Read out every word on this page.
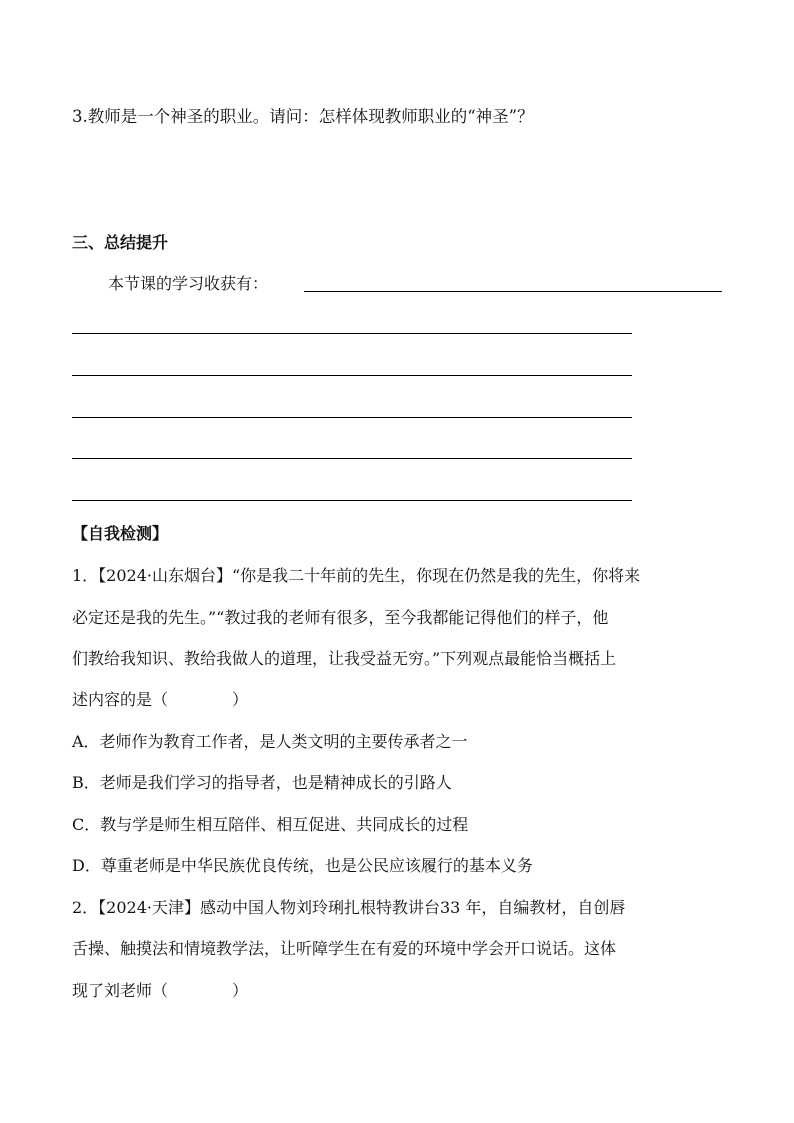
3.教师是一个神圣的职业。请问：怎样体现教师职业的“神圣”？
三、总结提升
本节课的学习收获有：
【自我检测】
1．【2024·山东烟台】“你是我二十年前的先生，你现在仍然是我的先生，你将来
必定还是我的先生。”“教过我的老师有很多，至今我都能记得他们的样子，他
们教给我知识、教给我做人的道理，让我受益无穷。”下列观点最能恰当概括上
述内容的是（　　　　）
A．老师作为教育工作者，是人类文明的主要传承者之一
B．老师是我们学习的指导者，也是精神成长的引路人
C．教与学是师生相互陪伴、相互促进、共同成长的过程
D．尊重老师是中华民族优良传统，也是公民应该履行的基本义务
2．【2024·天津】感动中国人物刘玲琍扎根特教讲台33 年，自编教材，自创唇
舌操、触摸法和情境教学法，让听障学生在有爱的环境中学会开口说话。这体
现了刘老师（　　　　）
